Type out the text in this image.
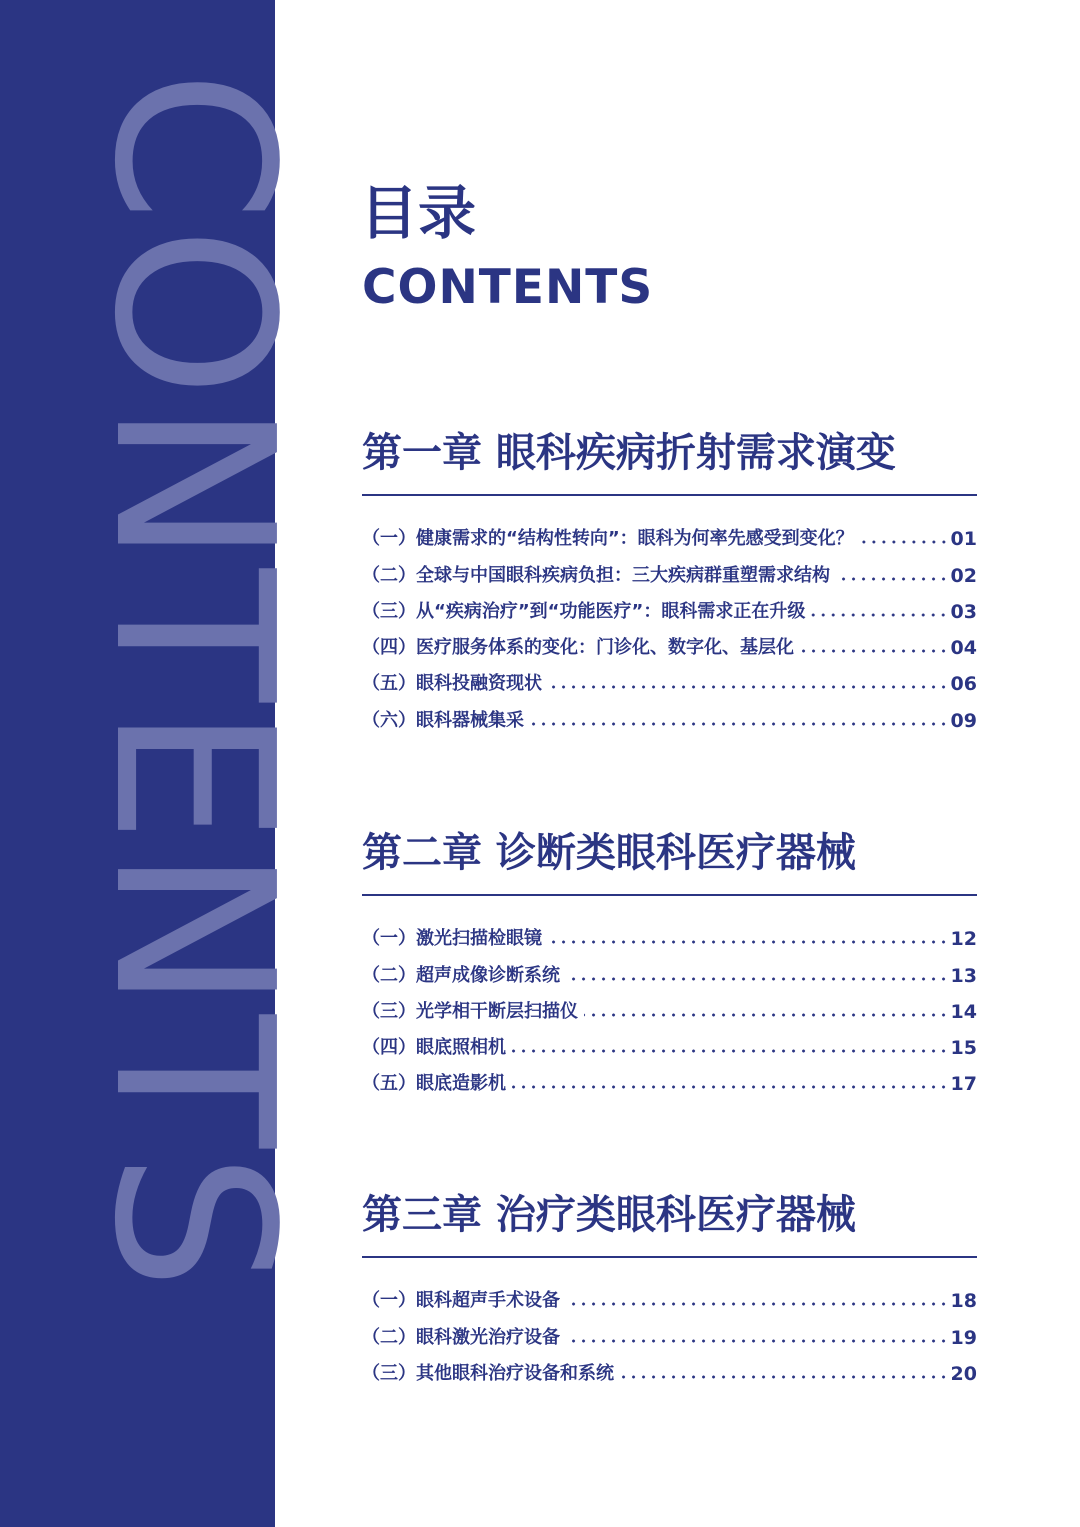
CONTENTS 目录
CONTENTS
第一章 眼科疾病折射需求演变
（一）健康需求的“结构性转向”：眼科为何率先感受到变化？	01
（二）全球与中国眼科疾病负担：三大疾病群重塑需求结构	02
（三）从“疾病治疗”到“功能医疗”：眼科需求正在升级	03
（四）医疗服务体系的变化：门诊化、数字化、基层化	04
（五）眼科投融资现状	06
（六）眼科器械集采	09
第二章 诊断类眼科医疗器械
（一）激光扫描检眼镜	12
（二）超声成像诊断系统	13
（三）光学相干断层扫描仪	14
（四）眼底照相机	15
（五）眼底造影机	17
第三章 治疗类眼科医疗器械
（一）眼科超声手术设备	18
（二）眼科激光治疗设备	19
（三）其他眼科治疗设备和系统	20
